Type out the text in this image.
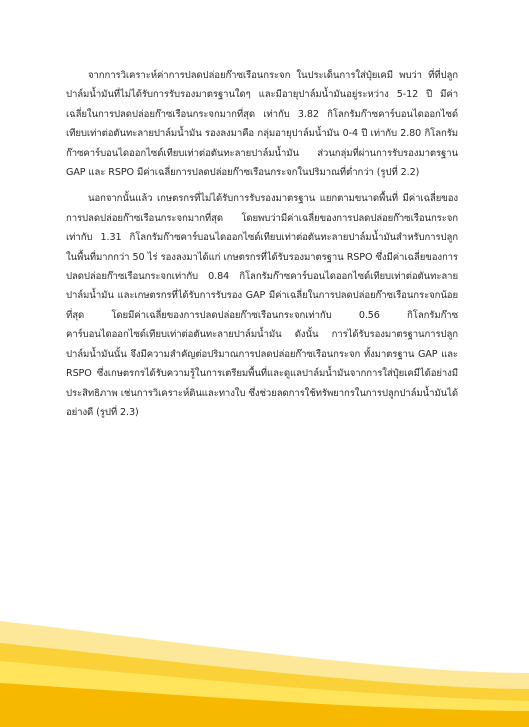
จากการวิเคราะห์ค่าการปลดปล่อยก๊าซเรือนกระจก ในประเด็นการใส่ปุ๋ยเคมี พบว่า ที่ที่ปลูกปาล์มน้ำมันที่ไม่ได้รับการรับรองมาตรฐานใดๆ และมีอายุปาล์มน้ำมันอยู่ระหว่าง 5-12 ปี มีค่าเฉลี่ยในการปลดปล่อยก๊าซเรือนกระจกมากที่สุด เท่ากับ 3.82 กิโลกรัมก๊าซคาร์บอนไดออกไซด์เทียบเท่าต่อตันทะลายปาล์มน้ำมัน รองลงมาคือ กลุ่มอายุปาล์มน้ำมัน 0-4 ปี เท่ากับ 2.80 กิโลกรัมก๊าซคาร์บอนไดออกไซด์เทียบเท่าต่อตันทะลายปาล์มน้ำมัน ส่วนกลุ่มที่ผ่านการรับรองมาตรฐาน GAP และ RSPO มีค่าเฉลี่ยการปลดปล่อยก๊าซเรือนกระจกในปริมาณที่ต่ำกว่า (รูปที่ 2.2)

นอกจากนั้นแล้ว เกษตรกรที่ไม่ได้รับการรับรองมาตรฐาน แยกตามขนาดพื้นที่ มีค่าเฉลี่ยของการปลดปล่อยก๊าซเรือนกระจกมากที่สุด โดยพบว่ามีค่าเฉลี่ยของการปลดปล่อยก๊าซเรือนกระจกเท่ากับ 1.31 กิโลกรัมก๊าซคาร์บอนไดออกไซด์เทียบเท่าต่อตันทะลายปาล์มน้ำมันสำหรับการปลูกในพื้นที่มากกว่า 50 ไร่ รองลงมาได้แก่ เกษตรกรที่ได้รับรองมาตรฐาน RSPO ซึ่งมีค่าเฉลี่ยของการปลดปล่อยก๊าซเรือนกระจกเท่ากับ 0.84 กิโลกรัมก๊าซคาร์บอนไดออกไซด์เทียบเท่าต่อตันทะลายปาล์มน้ำมัน และเกษตรกรที่ได้รับการรับรอง GAP มีค่าเฉลี่ยในการปลดปล่อยก๊าซเรือนกระจกน้อยที่สุด โดยมีค่าเฉลี่ยของการปลดปล่อยก๊าซเรือนกระจกเท่ากับ 0.56 กิโลกรัมก๊าซคาร์บอนไดออกไซด์เทียบเท่าต่อตันทะลายปาล์มน้ำมัน ดังนั้น การได้รับรองมาตรฐานการปลูกปาล์มน้ำมันนั้น จึงมีความสำคัญต่อปริมาณการปลดปล่อยก๊าซเรือนกระจก ทั้งมาตรฐาน GAP และ RSPO ซึ่งเกษตรกรได้รับความรู้ในการเตรียมพื้นที่และดูแลปาล์มน้ำมันจากการใส่ปุ๋ยเคมีได้อย่างมีประสิทธิภาพ เช่นการวิเคราะห์ดินและทางใบ ซึ่งช่วยลดการใช้ทรัพยากรในการปลูกปาล์มน้ำมันได้อย่างดี (รูปที่ 2.3)
